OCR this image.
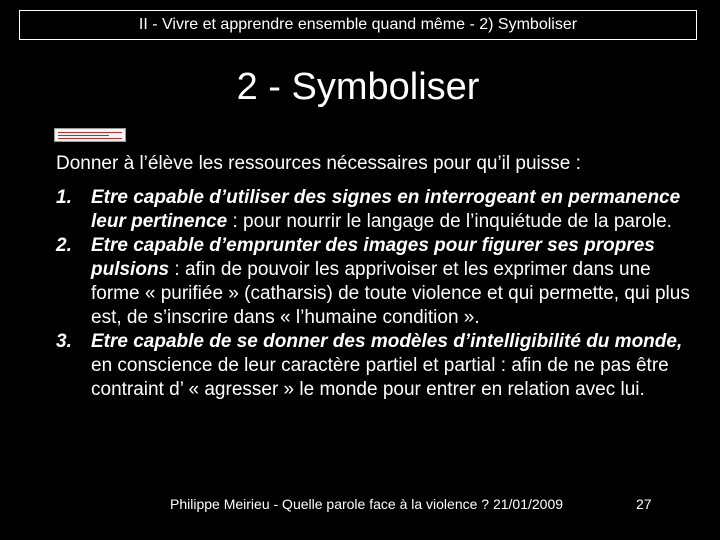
II - Vivre et apprendre ensemble quand même - 2) Symboliser
2 - Symboliser
Donner à l’élève les ressources nécessaires pour qu’il puisse :
1. Etre capable d’utiliser des signes en interrogeant en permanence leur pertinence : pour nourrir le langage de l’inquiétude de la parole.
2. Etre capable d’emprunter des images pour figurer ses propres pulsions : afin de pouvoir les apprivoiser et les exprimer dans une forme « purifiée » (catharsis) de toute violence et qui permette, qui plus est, de s’inscrire dans « l’humaine condition ».
3. Etre capable de se donner des modèles d’intelligibilité du monde, en conscience de leur caractère partiel et partial : afin de ne pas être contraint d’ « agresser » le monde pour entrer en relation avec lui.
Philippe Meirieu - Quelle parole face à la violence ? 21/01/2009	27
